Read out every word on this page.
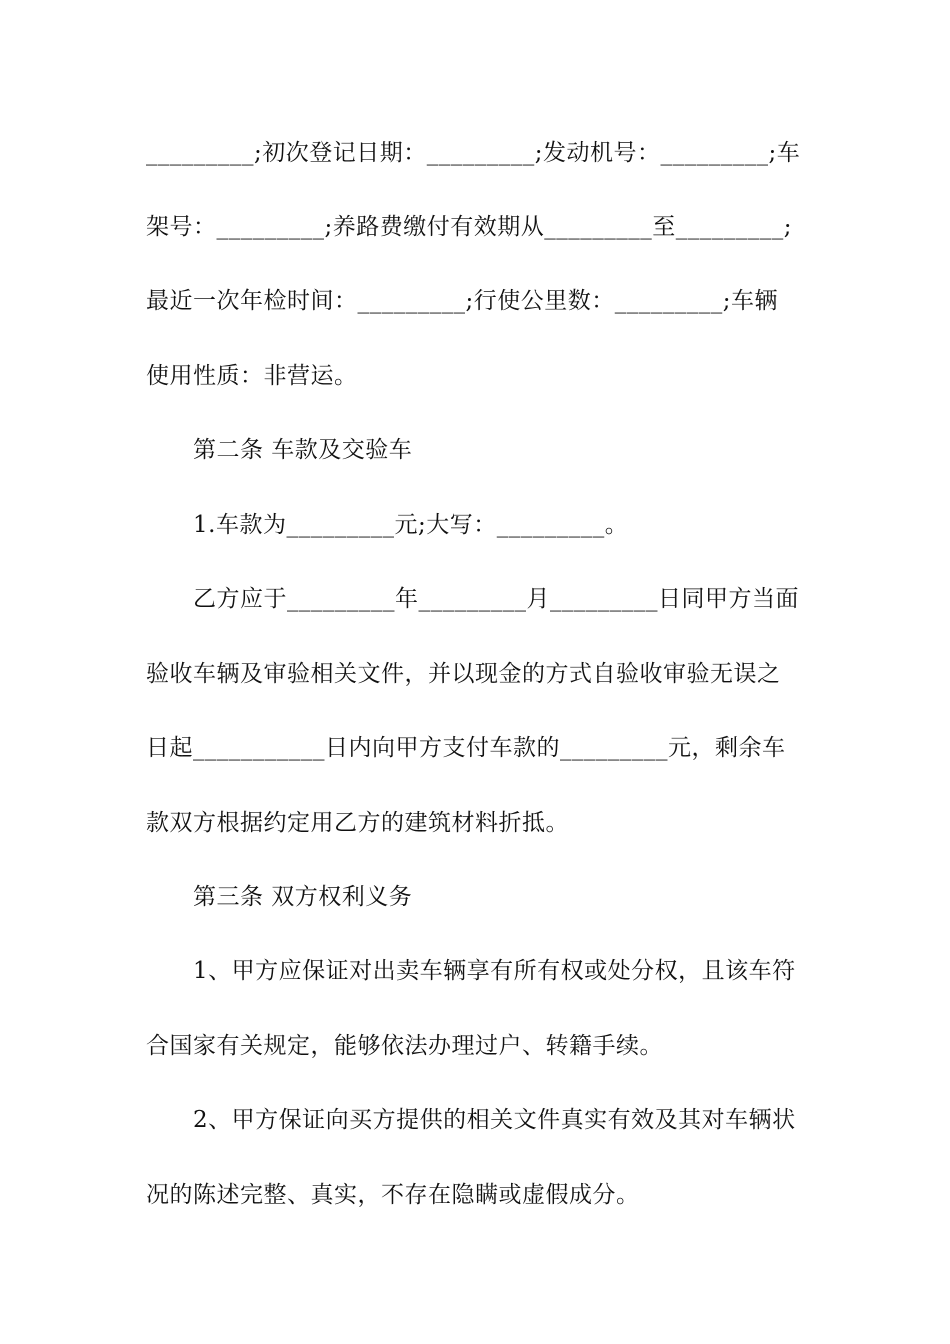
_________;初次登记日期：_________;发动机号：_________;车
架号：_________;养路费缴付有效期从_________至_________;
最近一次年检时间：_________;行使公里数：_________;车辆
使用性质：非营运。
第二条 车款及交验车
1.车款为_________元;大写：_________。
乙方应于_________年_________月_________日同甲方当面
验收车辆及审验相关文件，并以现金的方式自验收审验无误之
日起___________日内向甲方支付车款的_________元，剩余车
款双方根据约定用乙方的建筑材料折抵。
第三条 双方权利义务
1、甲方应保证对出卖车辆享有所有权或处分权，且该车符
合国家有关规定，能够依法办理过户、转籍手续。
2、甲方保证向买方提供的相关文件真实有效及其对车辆状
况的陈述完整、真实，不存在隐瞒或虚假成分。
